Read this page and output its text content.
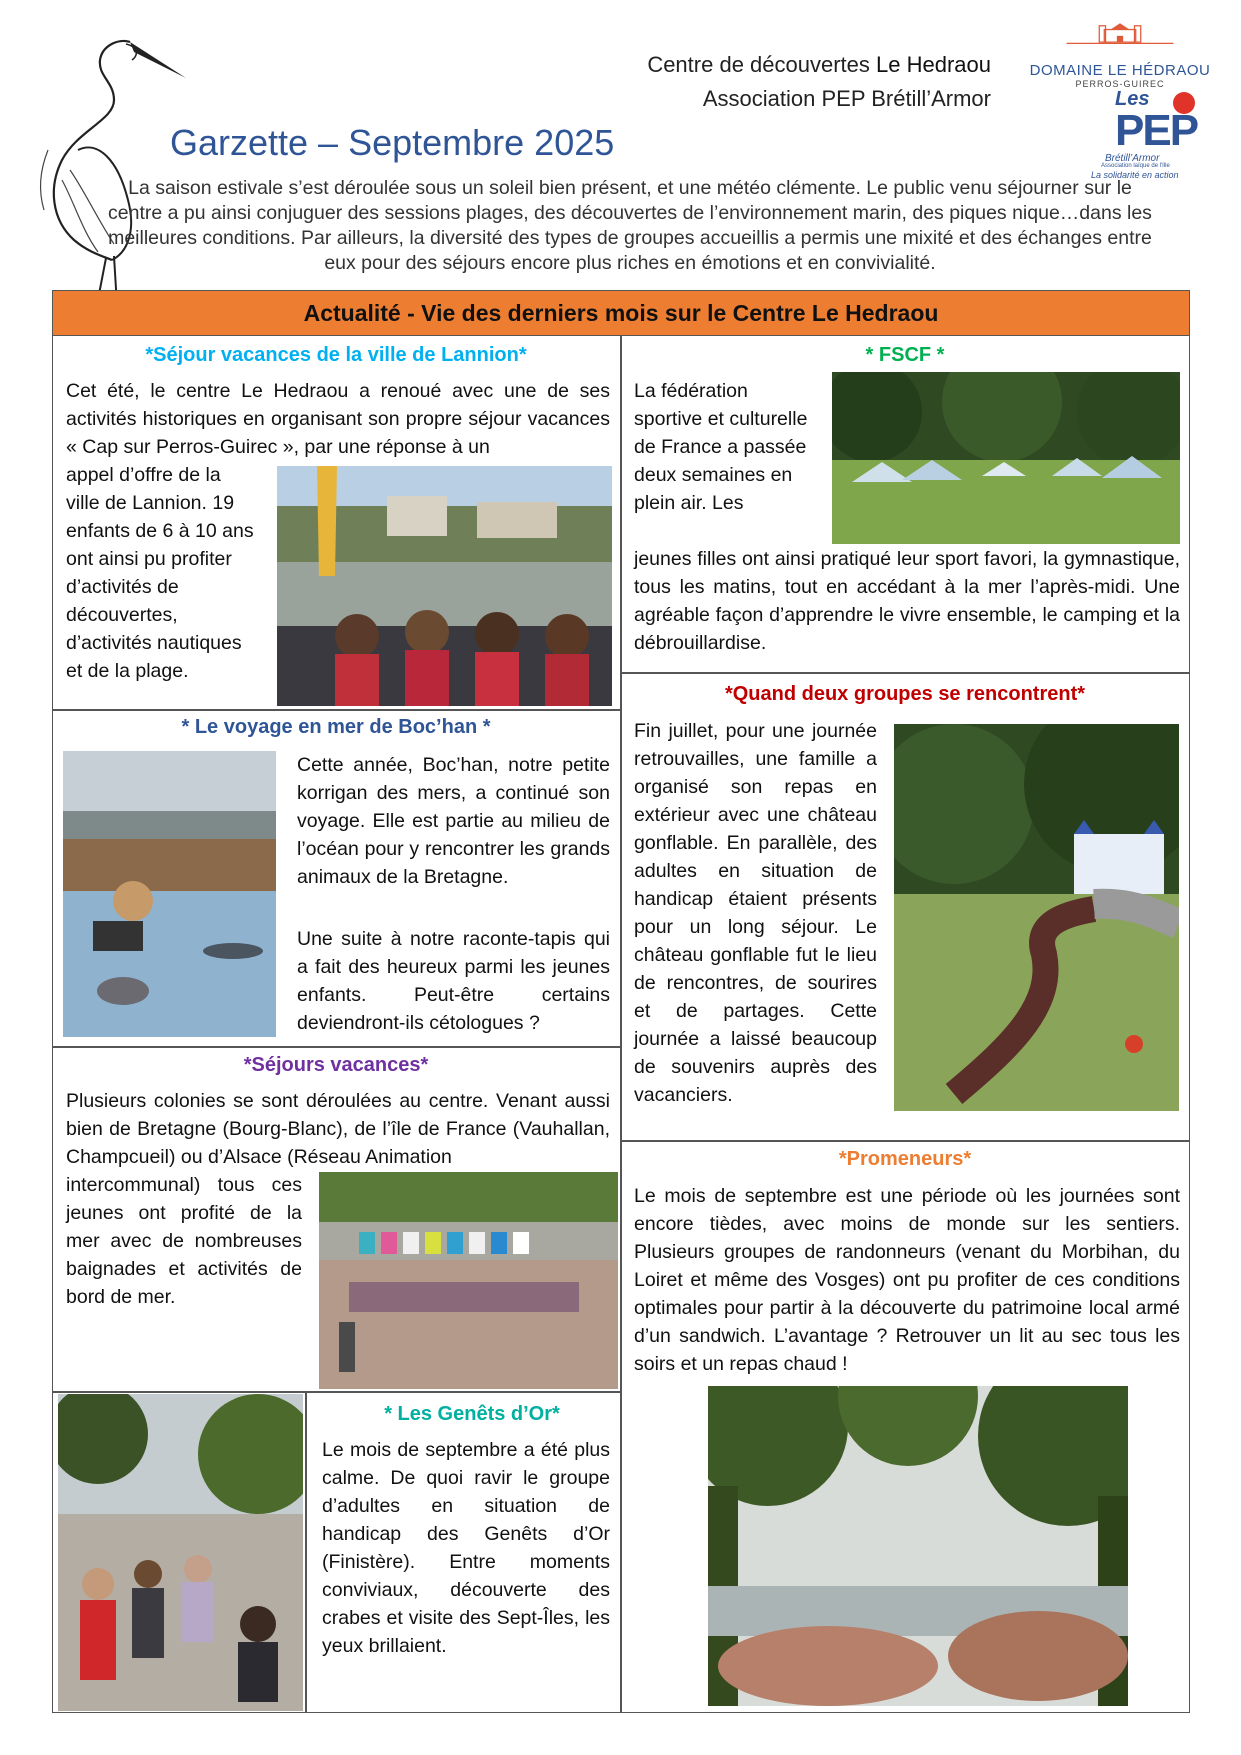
Centre de découvertes Le Hedraou
Association PEP Brétill’Armor
DOMAINE LE HÉDRAOU
PERROS-GUIREC
Les
PEP
Brétill’Armor
Association laïque de l'Ille
La solidarité en action
Garzette – Septembre 2025
La saison estivale s’est déroulée sous un soleil bien présent, et une météo clémente. Le public venu séjourner sur le centre a pu ainsi conjuguer des sessions plages, des découvertes de l’environnement marin, des piques nique…dans les meilleures conditions. Par ailleurs, la diversité des types de groupes accueillis a permis une mixité et des échanges entre eux pour des séjours encore plus riches en émotions et en convivialité.
Actualité - Vie des derniers mois sur le Centre Le Hedraou
*Séjour vacances de la ville de Lannion*
Cet été, le centre Le Hedraou a renoué avec une de ses activités historiques en organisant son propre séjour vacances « Cap sur Perros-Guirec », par une réponse à un
appel d’offre de la ville de Lannion. 19 enfants de 6 à 10 ans ont ainsi pu profiter d’activités de découvertes, d’activités nautiques et de la plage.
* FSCF *
La fédération sportive et culturelle de France a passée deux semaines en plein air. Les
jeunes filles ont ainsi pratiqué leur sport favori, la gymnastique, tous les matins, tout en accédant à la mer l’après-midi. Une agréable façon d’apprendre le vivre ensemble, le camping et la débrouillardise.
* Le voyage en mer de Boc’han *
Cette année, Boc’han, notre petite korrigan des mers, a continué son voyage. Elle est partie au milieu de l’océan pour y rencontrer les grands animaux de la Bretagne.
Une suite à notre raconte-tapis qui a fait des heureux parmi les jeunes enfants. Peut-être certains deviendront-ils cétologues ?
*Quand deux groupes se rencontrent*
Fin juillet, pour une journée retrouvailles, une famille a organisé son repas en extérieur avec une château gonflable. En parallèle, des adultes en situation de handicap étaient présents pour un long séjour. Le château gonflable fut le lieu de rencontres, de sourires et de partages. Cette journée a laissé beaucoup de souvenirs auprès des vacanciers.
*Séjours vacances*
Plusieurs colonies se sont déroulées au centre. Venant aussi bien de Bretagne (Bourg-Blanc), de l’île de France (Vauhallan, Champcueil) ou d’Alsace (Réseau Animation
intercommunal) tous ces jeunes ont profité de la mer avec de nombreuses baignades et activités de bord de mer.
*Promeneurs*
Le mois de septembre est une période où les journées sont encore tièdes, avec moins de monde sur les sentiers. Plusieurs groupes de randonneurs (venant du Morbihan, du Loiret et même des Vosges) ont pu profiter de ces conditions optimales pour partir à la découverte du patrimoine local armé d’un sandwich. L’avantage ? Retrouver un lit au sec tous les soirs et un repas chaud !
* Les Genêts d’Or*
Le mois de septembre a été plus calme. De quoi ravir le groupe d’adultes en situation de handicap des Genêts d’Or (Finistère). Entre moments conviviaux, découverte des crabes et visite des Sept-Îles, les yeux brillaient.
